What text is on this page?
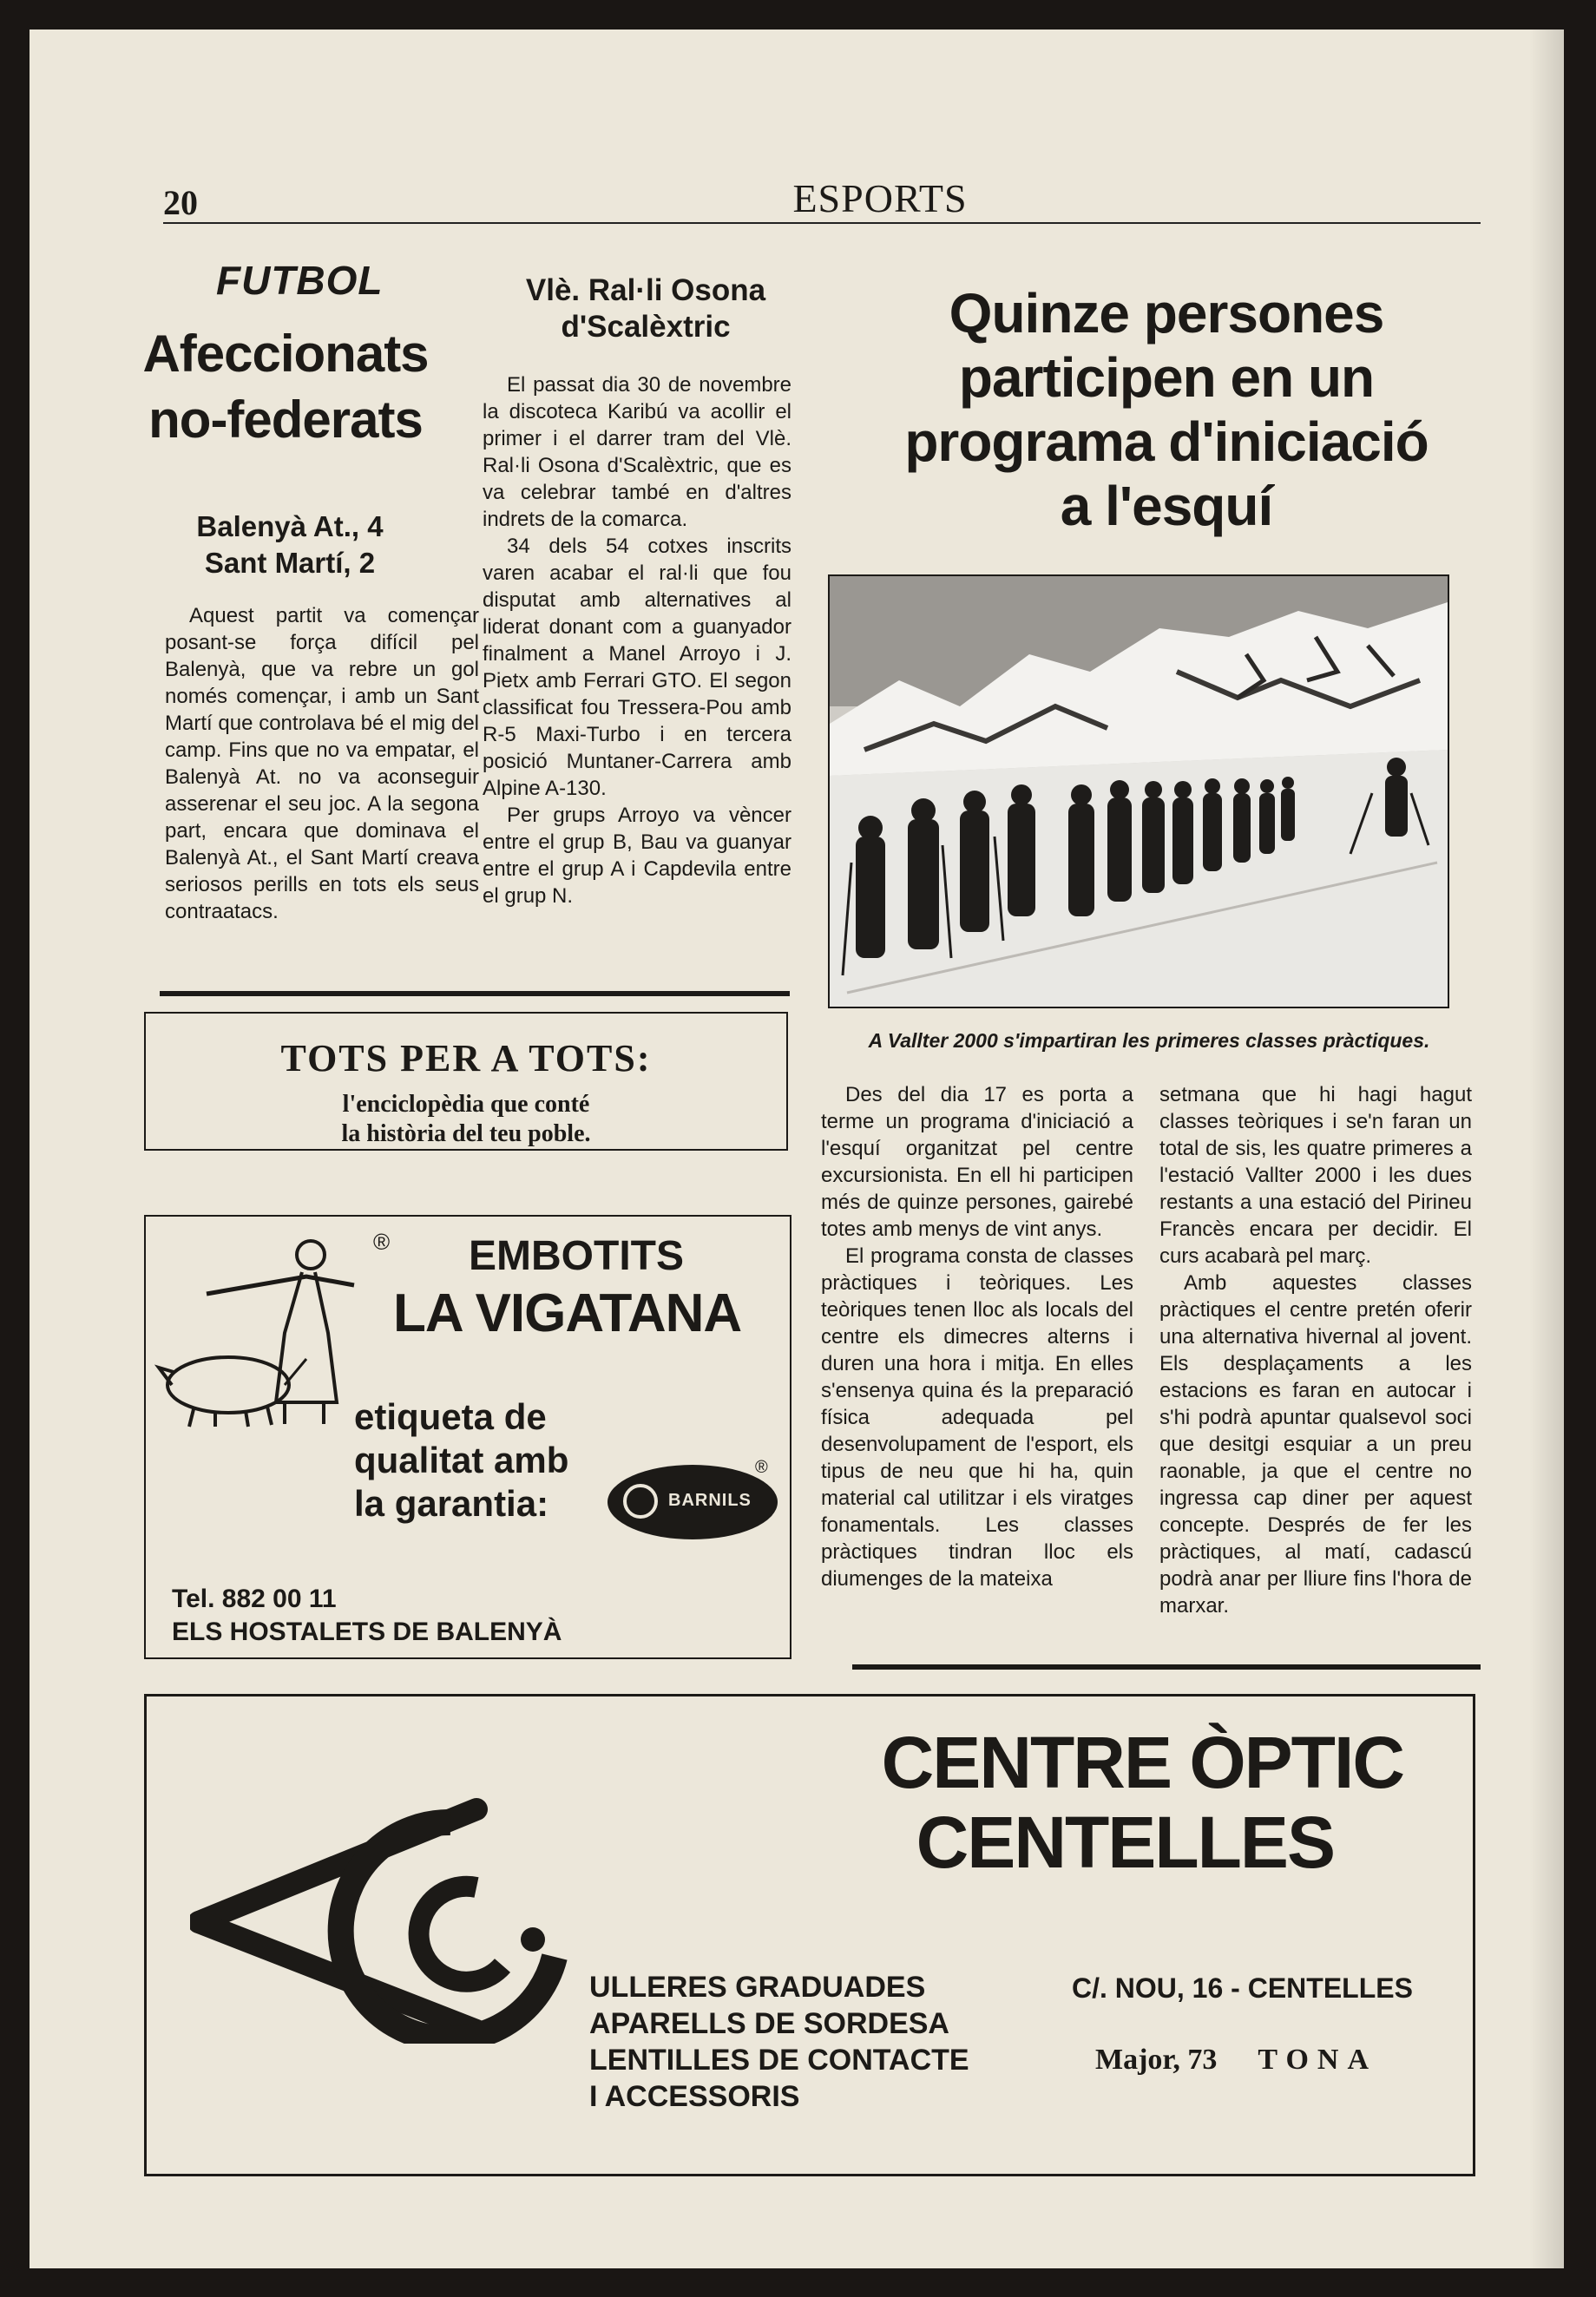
20	ESPORTS
FUTBOL
Afeccionats
no-federats
Balenyà At., 4
Sant Martí, 2

Aquest partit va començar posant-se força difícil pel Balenyà, que va rebre un gol només començar, i amb un Sant Martí que controlava bé el mig del camp. Fins que no va empatar, el Balenyà At. no va aconseguir asserenar el seu joc. A la segona part, encara que dominava el Balenyà At., el Sant Martí creava seriosos perills en tots els seus contraatacs.

Vlè. Ral·li Osona
d'Scalèxtric

El passat dia 30 de novembre la discoteca Karibú va acollir el primer i el darrer tram del Vlè. Ral·li Osona d'Scalèxtric, que es va celebrar també en d'altres indrets de la comarca.

34 dels 54 cotxes inscrits varen acabar el ral·li que fou disputat amb alternatives al liderat donant com a guanyador finalment a Manel Arroyo i J. Pietx amb Ferrari GTO. El segon classificat fou Tressera-Pou amb R-5 Maxi-Turbo i en tercera posició Muntaner-Carrera amb Alpine A-130.

Per grups Arroyo va vèncer entre el grup B, Bau va guanyar entre el grup A i Capdevila entre el grup N.

Quinze persones
participen en un
programa d'iniciació
a l'esquí
A Vallter 2000 s'impartiran les primeres classes pràctiques.

Des del dia 17 es porta a terme un programa d'iniciació a l'esquí organitzat pel centre excursionista. En ell hi participen més de quinze persones, gairebé totes amb menys de vint anys.

El programa consta de classes pràctiques i teòriques. Les teòriques tenen lloc als locals del centre els dimecres alterns i duren una hora i mitja. En elles s'ensenya quina és la preparació física adequada pel desenvolupament de l'esport, els tipus de neu que hi ha, quin material cal utilitzar i els viratges fonamentals. Les classes pràctiques tindran lloc els diumenges de la mateixa

setmana que hi hagi hagut classes teòriques i se'n faran un total de sis, les quatre primeres a l'estació Vallter 2000 i les dues restants a una estació del Pirineu Francès encara per decidir. El curs acabarà pel març.

Amb aquestes classes pràctiques el centre pretén oferir una alternativa hivernal al jovent. Els desplaçaments a les estacions es faran en autocar i s'hi podrà apuntar qualsevol soci que desitgi esquiar a un preu raonable, ja que el centre no ingressa cap diner per aquest concepte. Després de fer les pràctiques, al matí, cadascú podrà anar per lliure fins l'hora de marxar.

TOTS PER A TOTS:
l'enciclopèdia que conté
la història del teu poble.
® EMBOTITS
LA VIGATANA
etiqueta de
qualitat amb
la garantia:	BARNILS
®
Tel. 882 00 11
ELS HOSTALETS DE BALENYÀ
CENTRE ÒPTIC
CENTELLES
ULLERES GRADUADES
APARELLS DE SORDESA
LENTILLES DE CONTACTE
I ACCESSORIS
C/. NOU, 16 - CENTELLES
Major, 73 TONA
